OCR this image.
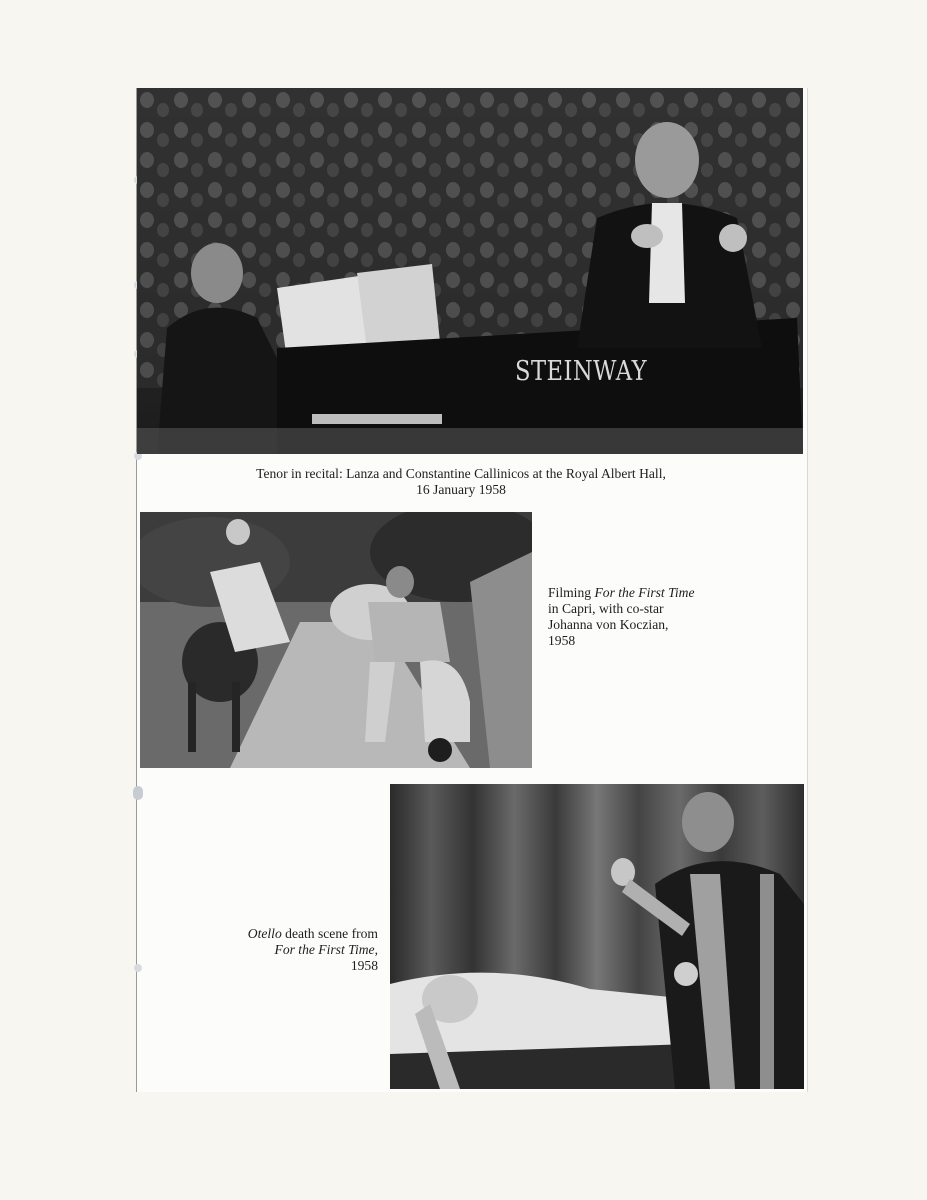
STEINWAY
Tenor in recital: Lanza and Constantine Callinicos at the Royal Albert Hall,
16 January 1958
Filming For the First Time
in Capri, with co-star
Johanna von Koczian,
1958
Otello death scene from
For the First Time,
1958
